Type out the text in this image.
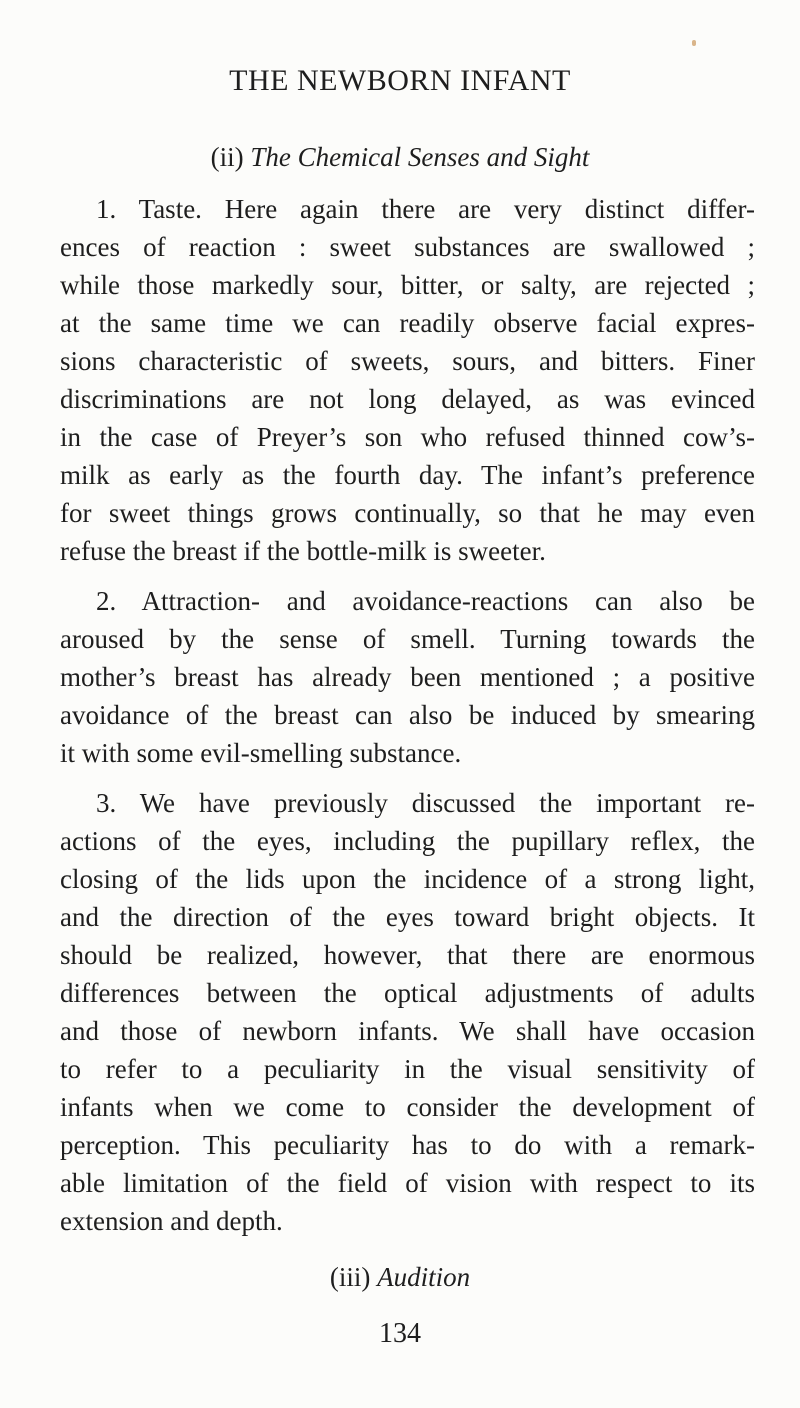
THE NEWBORN INFANT
(ii) The Chemical Senses and Sight
1. Taste. Here again there are very distinct differ-
ences of reaction : sweet substances are swallowed ;
while those markedly sour, bitter, or salty, are rejected ;
at the same time we can readily observe facial expres-
sions characteristic of sweets, sours, and bitters. Finer
discriminations are not long delayed, as was evinced
in the case of Preyer’s son who refused thinned cow’s-
milk as early as the fourth day. The infant’s preference
for sweet things grows continually, so that he may even
refuse the breast if the bottle-milk is sweeter.
2. Attraction- and avoidance-reactions can also be
aroused by the sense of smell. Turning towards the
mother’s breast has already been mentioned ; a positive
avoidance of the breast can also be induced by smearing
it with some evil-smelling substance.
3. We have previously discussed the important re-
actions of the eyes, including the pupillary reflex, the
closing of the lids upon the incidence of a strong light,
and the direction of the eyes toward bright objects. It
should be realized, however, that there are enormous
differences between the optical adjustments of adults
and those of newborn infants. We shall have occasion
to refer to a peculiarity in the visual sensitivity of
infants when we come to consider the development of
perception. This peculiarity has to do with a remark-
able limitation of the field of vision with respect to its
extension and depth.
(iii) Audition
134
